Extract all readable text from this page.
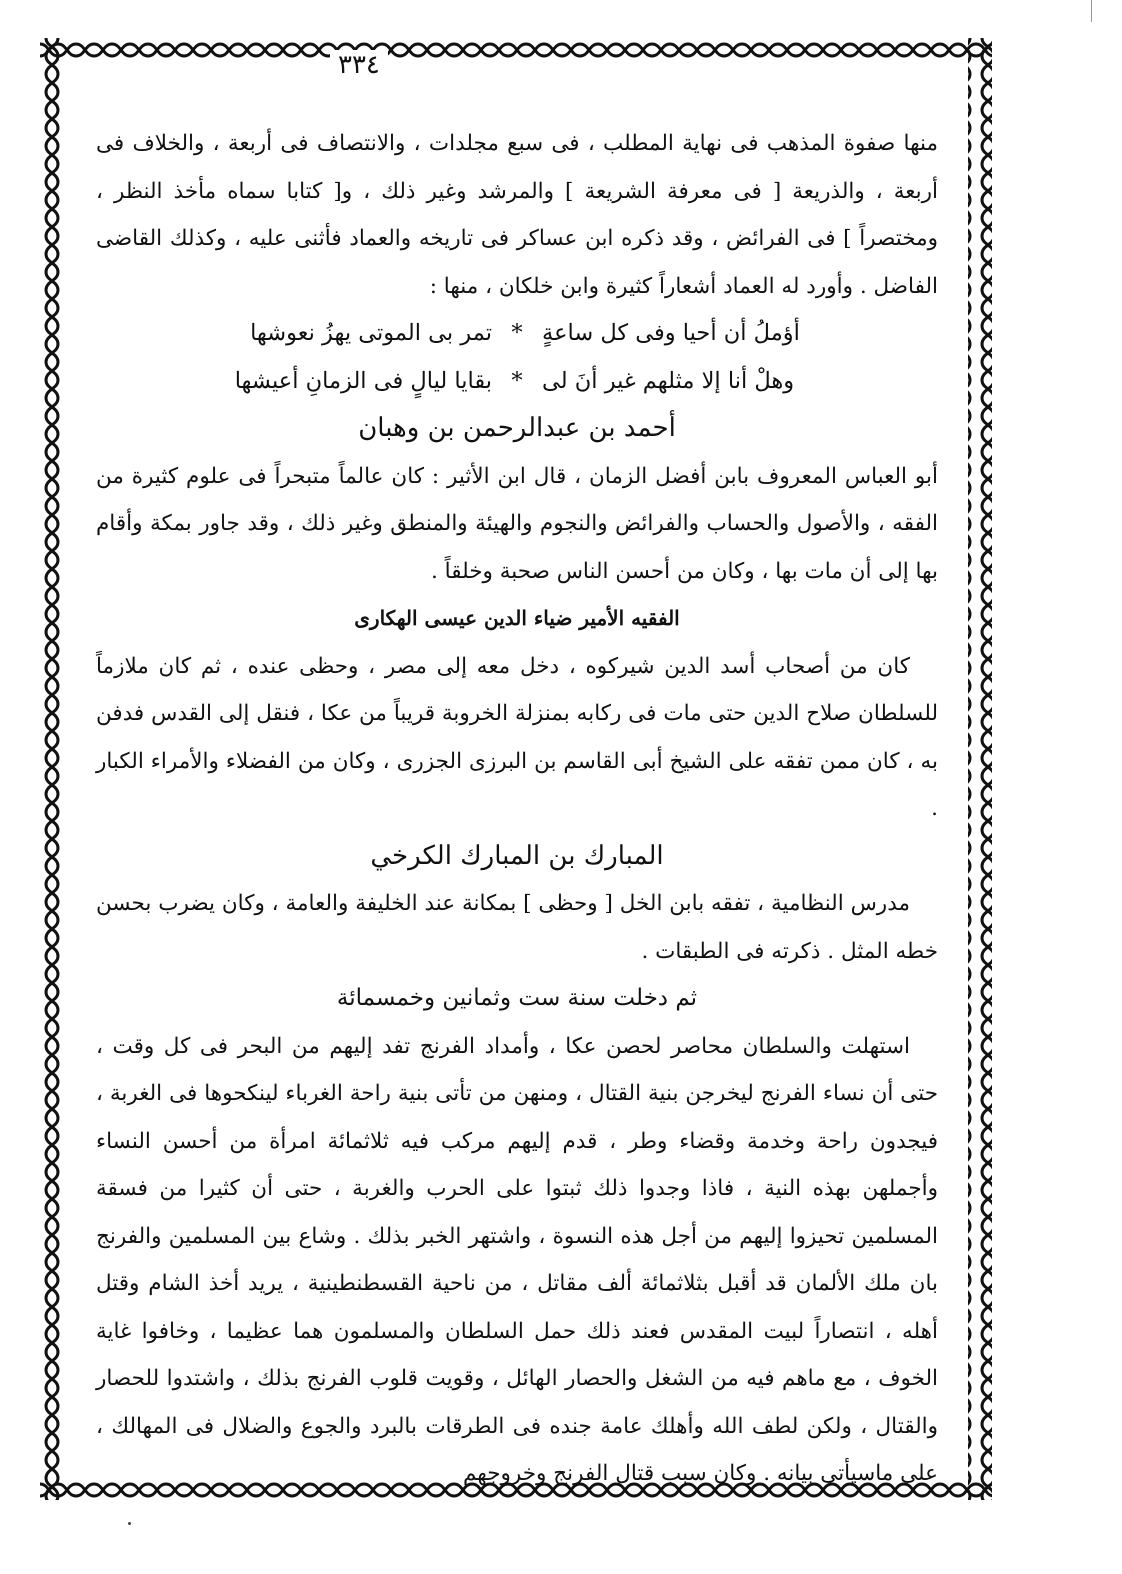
٣٣٤

منها صفوة المذهب فى نهاية المطلب ، فى سبع مجلدات ، والانتصاف فى أربعة ، والخلاف فى أربعة ، والذريعة [ فى معرفة الشريعة ] والمرشد وغير ذلك ، و[ كتابا سماه مأخذ النظر ، ومختصراً ] فى الفرائض ، وقد ذكره ابن عساكر فى تاريخه والعماد فأثنى عليه ، وكذلك القاضى الفاضل . وأورد له العماد أشعاراً كثيرة وابن خلكان ، منها :

أؤملُ أن أحيا وفى كل ساعةٍ
*
تمر بى الموتى يهزُ نعوشها
وهلْ أنا إلا مثلهم غير أنَ لى
*
بقايا ليالٍ فى الزمانِ أعيشها

أحمد بن عبدالرحمن بن وهبان

أبو العباس المعروف بابن أفضل الزمان ، قال ابن الأثير : كان عالماً متبحراً فى علوم كثيرة من الفقه ، والأصول والحساب والفرائض والنجوم والهيئة والمنطق وغير ذلك ، وقد جاور بمكة وأقام بها إلى أن مات بها ، وكان من أحسن الناس صحبة وخلقاً .

الفقيه الأمير ضياء الدين عيسى الهكارى

كان من أصحاب أسد الدين شيركوه ، دخل معه إلى مصر ، وحظى عنده ، ثم كان ملازماً للسلطان صلاح الدين حتى مات فى ركابه بمنزلة الخروبة قريباً من عكا ، فنقل إلى القدس فدفن به ، كان ممن تفقه على الشيخ أبى القاسم بن البرزى الجزرى ، وكان من الفضلاء والأمراء الكبار .

المبارك بن المبارك الكرخي

مدرس النظامية ، تفقه بابن الخل [ وحظى ] بمكانة عند الخليفة والعامة ، وكان يضرب بحسن خطه المثل . ذكرته فى الطبقات .

ثم دخلت سنة ست وثمانين وخمسمائة

استهلت والسلطان محاصر لحصن عكا ، وأمداد الفرنج تفد إليهم من البحر فى كل وقت ، حتى أن نساء الفرنج ليخرجن بنية القتال ، ومنهن من تأتى بنية راحة الغرباء لينكحوها فى الغربة ، فيجدون راحة وخدمة وقضاء وطر ، قدم إليهم مركب فيه ثلاثمائة امرأة من أحسن النساء وأجملهن بهذه النية ، فاذا وجدوا ذلك ثبتوا على الحرب والغربة ، حتى أن كثيرا من فسقة المسلمين تحيزوا إليهم من أجل هذه النسوة ، واشتهر الخبر بذلك . وشاع بين المسلمين والفرنج بان ملك الألمان قد أقبل بثلاثمائة ألف مقاتل ، من ناحية القسطنطينية ، يريد أخذ الشام وقتل أهله ، انتصاراً لبيت المقدس فعند ذلك حمل السلطان والمسلمون هما عظيما ، وخافوا غاية الخوف ، مع ماهم فيه من الشغل والحصار الهائل ، وقويت قلوب الفرنج بذلك ، واشتدوا للحصار والقتال ، ولكن لطف الله وأهلك عامة جنده فى الطرقات بالبرد والجوع والضلال فى المهالك ، على ماسيأتى بيانه . وكان سبب قتال الفرنج وخروجهم
